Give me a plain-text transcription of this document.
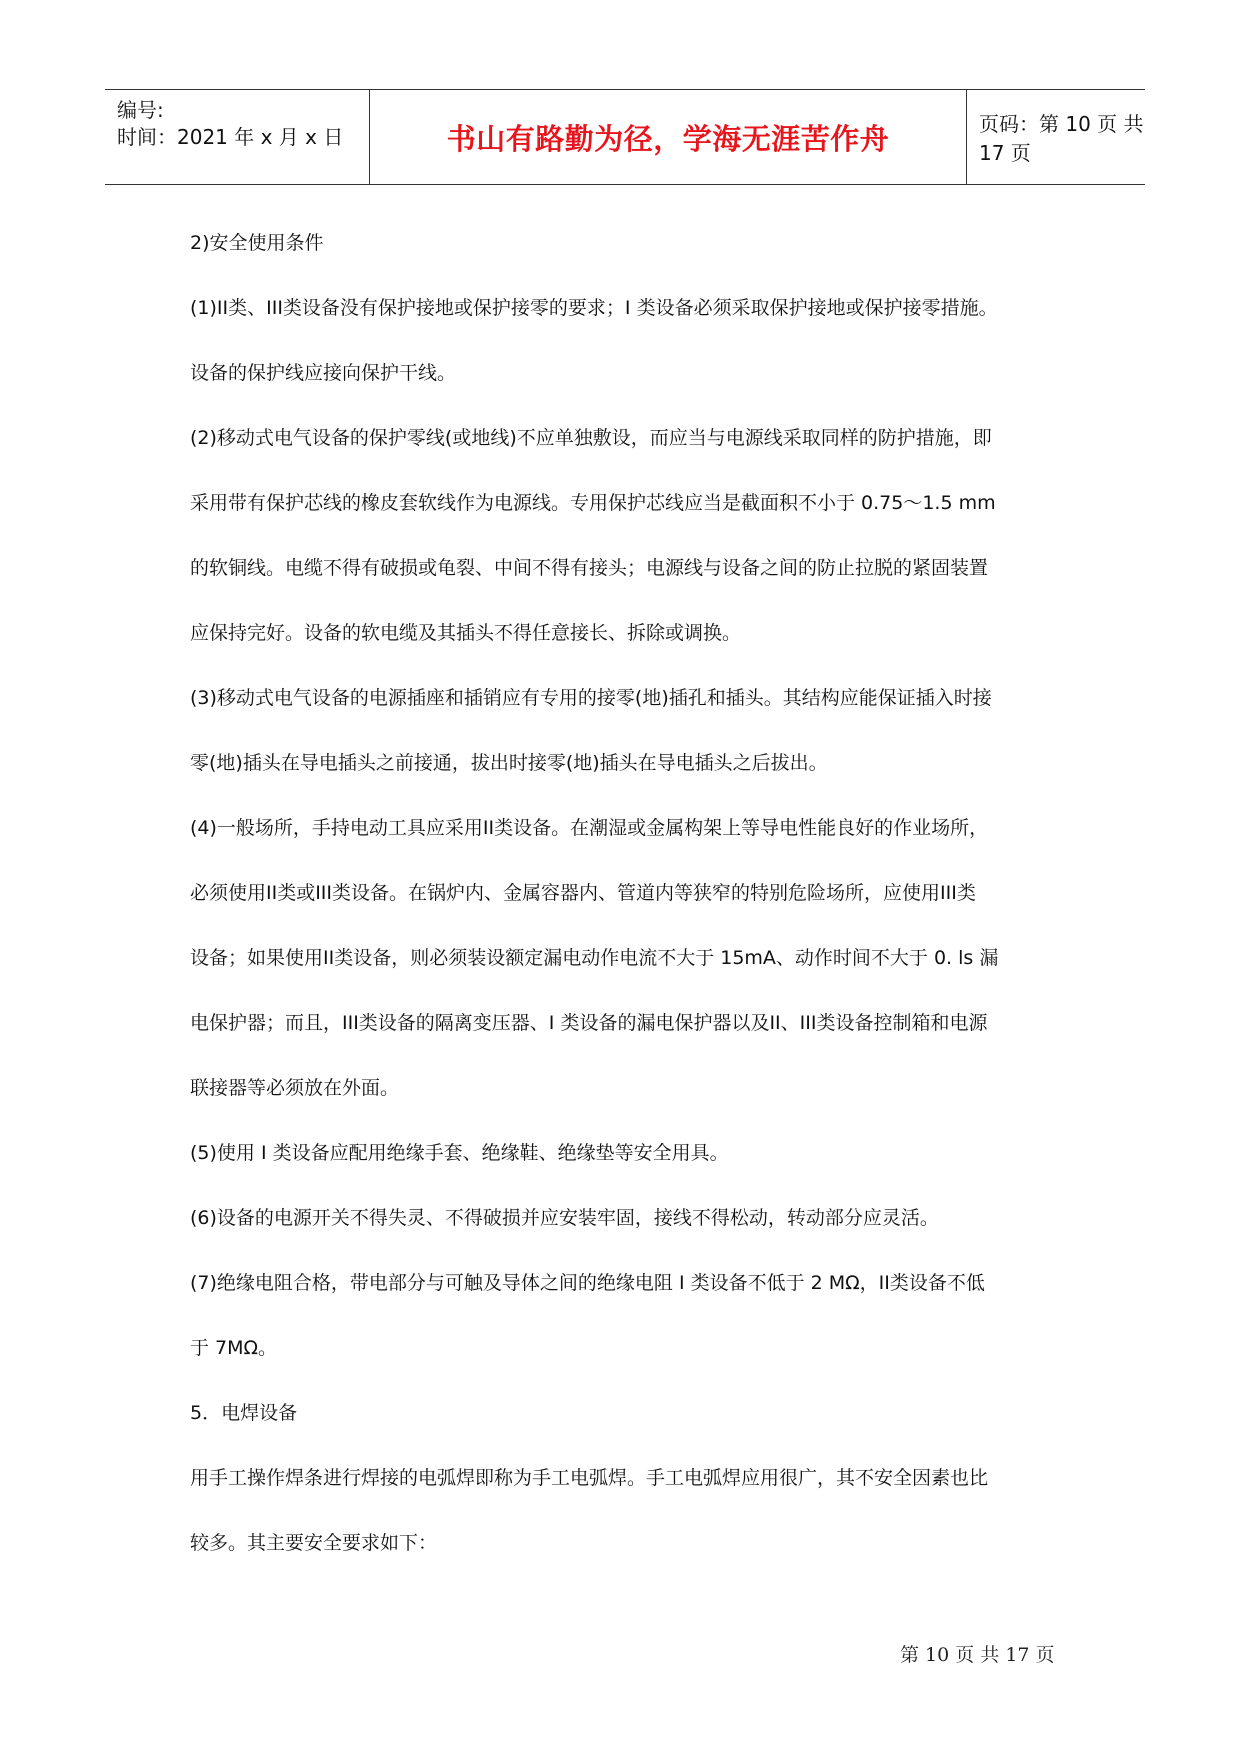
编号:
时间：2021 年 x 月 x 日	书山有路勤为径，学海无涯苦作舟	页码：第 10 页 共 17 页

2)安全使用条件

(1)II类、III类设备没有保护接地或保护接零的要求；I 类设备必须采取保护接地或保护接零措施。

设备的保护线应接向保护干线。

(2)移动式电气设备的保护零线(或地线)不应单独敷设，而应当与电源线采取同样的防护措施，即

采用带有保护芯线的橡皮套软线作为电源线。专用保护芯线应当是截面积不小于 0.75～1.5 mm

的软铜线。电缆不得有破损或龟裂、中间不得有接头；电源线与设备之间的防止拉脱的紧固装置

应保持完好。设备的软电缆及其插头不得任意接长、拆除或调换。

(3)移动式电气设备的电源插座和插销应有专用的接零(地)插孔和插头。其结构应能保证插入时接

零(地)插头在导电插头之前接通，拔出时接零(地)插头在导电插头之后拔出。

(4)一般场所，手持电动工具应采用II类设备。在潮湿或金属构架上等导电性能良好的作业场所，

必须使用II类或III类设备。在锅炉内、金属容器内、管道内等狭窄的特别危险场所，应使用III类

设备；如果使用II类设备，则必须装设额定漏电动作电流不大于 15mA、动作时间不大于 0. ls 漏

电保护器；而且，III类设备的隔离变压器、I 类设备的漏电保护器以及II、III类设备控制箱和电源

联接器等必须放在外面。

(5)使用 I 类设备应配用绝缘手套、绝缘鞋、绝缘垫等安全用具。

(6)设备的电源开关不得失灵、不得破损并应安装牢固，接线不得松动，转动部分应灵活。

(7)绝缘电阻合格，带电部分与可触及导体之间的绝缘电阻 I 类设备不低于 2 MΩ，II类设备不低

于 7MΩ。

5．电焊设备

用手工操作焊条进行焊接的电弧焊即称为手工电弧焊。手工电弧焊应用很广，其不安全因素也比

较多。其主要安全要求如下：

第 10 页 共 17 页
